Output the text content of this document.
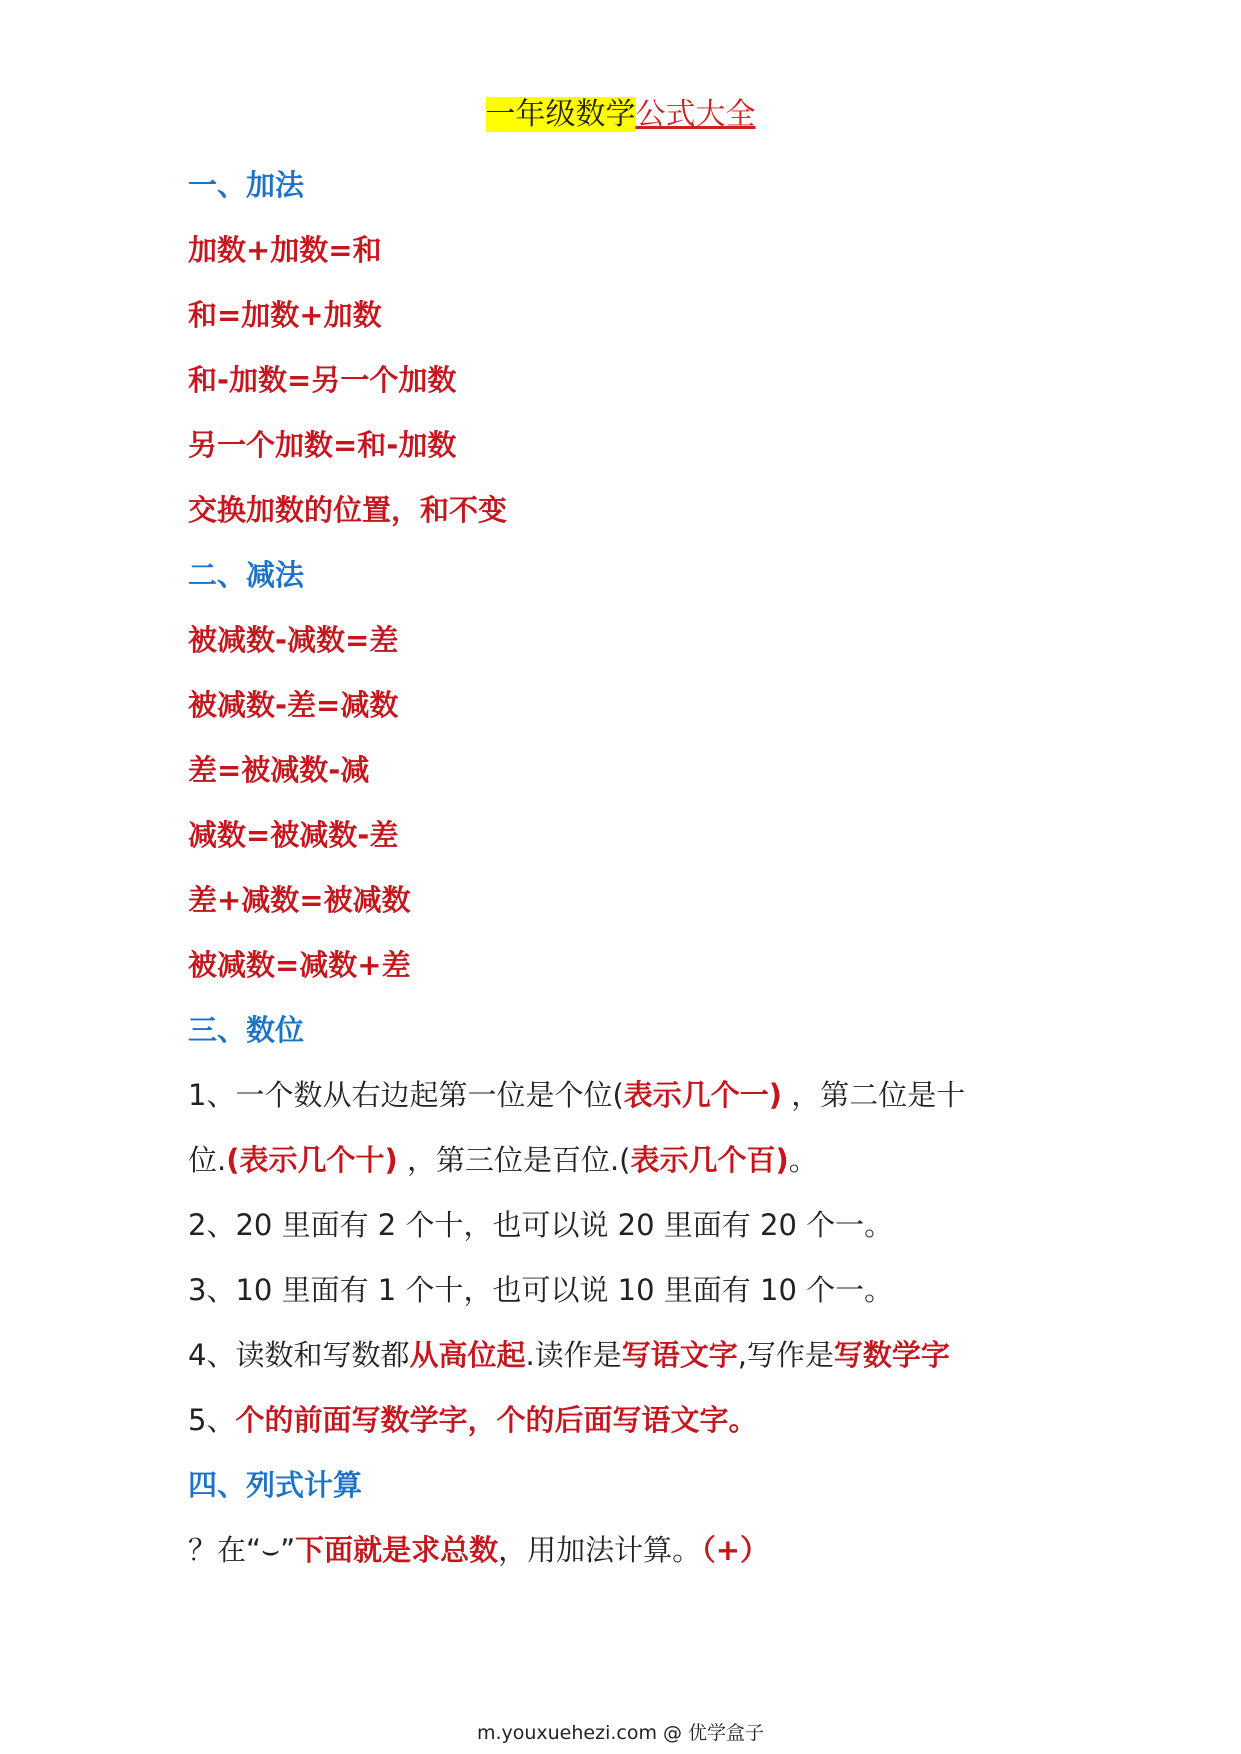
一年级数学公式大全
一、加法
加数+加数=和
和=加数+加数
和-加数=另一个加数
另一个加数=和-加数
交换加数的位置，和不变
二、减法
被减数-减数=差
被减数-差=减数
差=被减数-减
减数=被减数-差
差+减数=被减数
被减数=减数+差
三、数位
1、一个数从右边起第一位是个位(表示几个一) ，第二位是十
位.(表示几个十) ，第三位是百位.(表示几个百)。
2、20 里面有 2 个十，也可以说 20 里面有 20 个一。
3、10 里面有 1 个十，也可以说 10 里面有 10 个一。
4、读数和写数都从高位起.读作是写语文字,写作是写数学字
5、个的前面写数学字，个的后面写语文字。
四、列式计算
？在“⌣”下面就是求总数，用加法计算。（+）
m.youxuehezi.com @ 优学盒子
